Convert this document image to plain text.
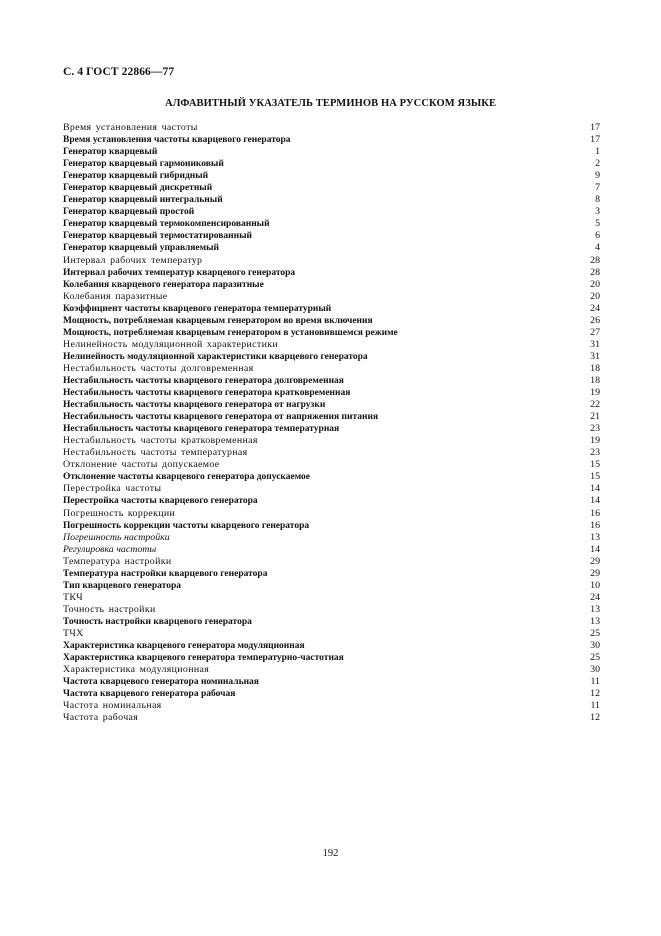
С. 4 ГОСТ 22866—77
АЛФАВИТНЫЙ УКАЗАТЕЛЬ ТЕРМИНОВ НА РУССКОМ ЯЗЫКЕ
Время установления частоты	17
Время установления частоты кварцевого генератора	17
Генератор кварцевый	1
Генератор кварцевый гармониковый	2
Генератор кварцевый гибридный	9
Генератор кварцевый дискретный	7
Генератор кварцевый интегральный	8
Генератор кварцевый простой	3
Генератор кварцевый термокомпенсированный	5
Генератор кварцевый термостатированный	6
Генератор кварцевый управляемый	4
Интервал рабочих температур	28
Интервал рабочих температур кварцевого генератора	28
Колебания кварцевого генератора паразитные	20
Колебания паразитные	20
Коэффициент частоты кварцевого генератора температурный	24
Мощность, потребляемая кварцевым генератором во время включения	26
Мощность, потребляемая кварцевым генератором в установившемся режиме	27
Нелинейность модуляционной характеристики	31
Нелинейность модуляционной характеристики кварцевого генератора	31
Нестабильность частоты долговременная	18
Нестабильность частоты кварцевого генератора долговременная	18
Нестабильность частоты кварцевого генератора кратковременная	19
Нестабильность частоты кварцевого генератора от нагрузки	22
Нестабильность частоты кварцевого генератора от напряжения питания	21
Нестабильность частоты кварцевого генератора температурная	23
Нестабильность частоты кратковременная	19
Нестабильность частоты температурная	23
Отклонение частоты допускаемое	15
Отклонение частоты кварцевого генератора допускаемое	15
Перестройка частоты	14
Перестройка частоты кварцевого генератора	14
Погрешность коррекции	16
Погрешность коррекции частоты кварцевого генератора	16
Погрешность настройки	13
Регулировка частоты	14
Температура настройки	29
Температура настройки кварцевого генератора	29
Тип кварцевого генератора	10
ТКЧ	24
Точность настройки	13
Точность настройки кварцевого генератора	13
ТЧХ	25
Характеристика кварцевого генератора модуляционная	30
Характеристика кварцевого генератора температурно-частотная	25
Характеристика модуляционная	30
Частота кварцевого генератора номинальная	11
Частота кварцевого генератора рабочая	12
Частота номинальная	11
Частота рабочая	12
192
